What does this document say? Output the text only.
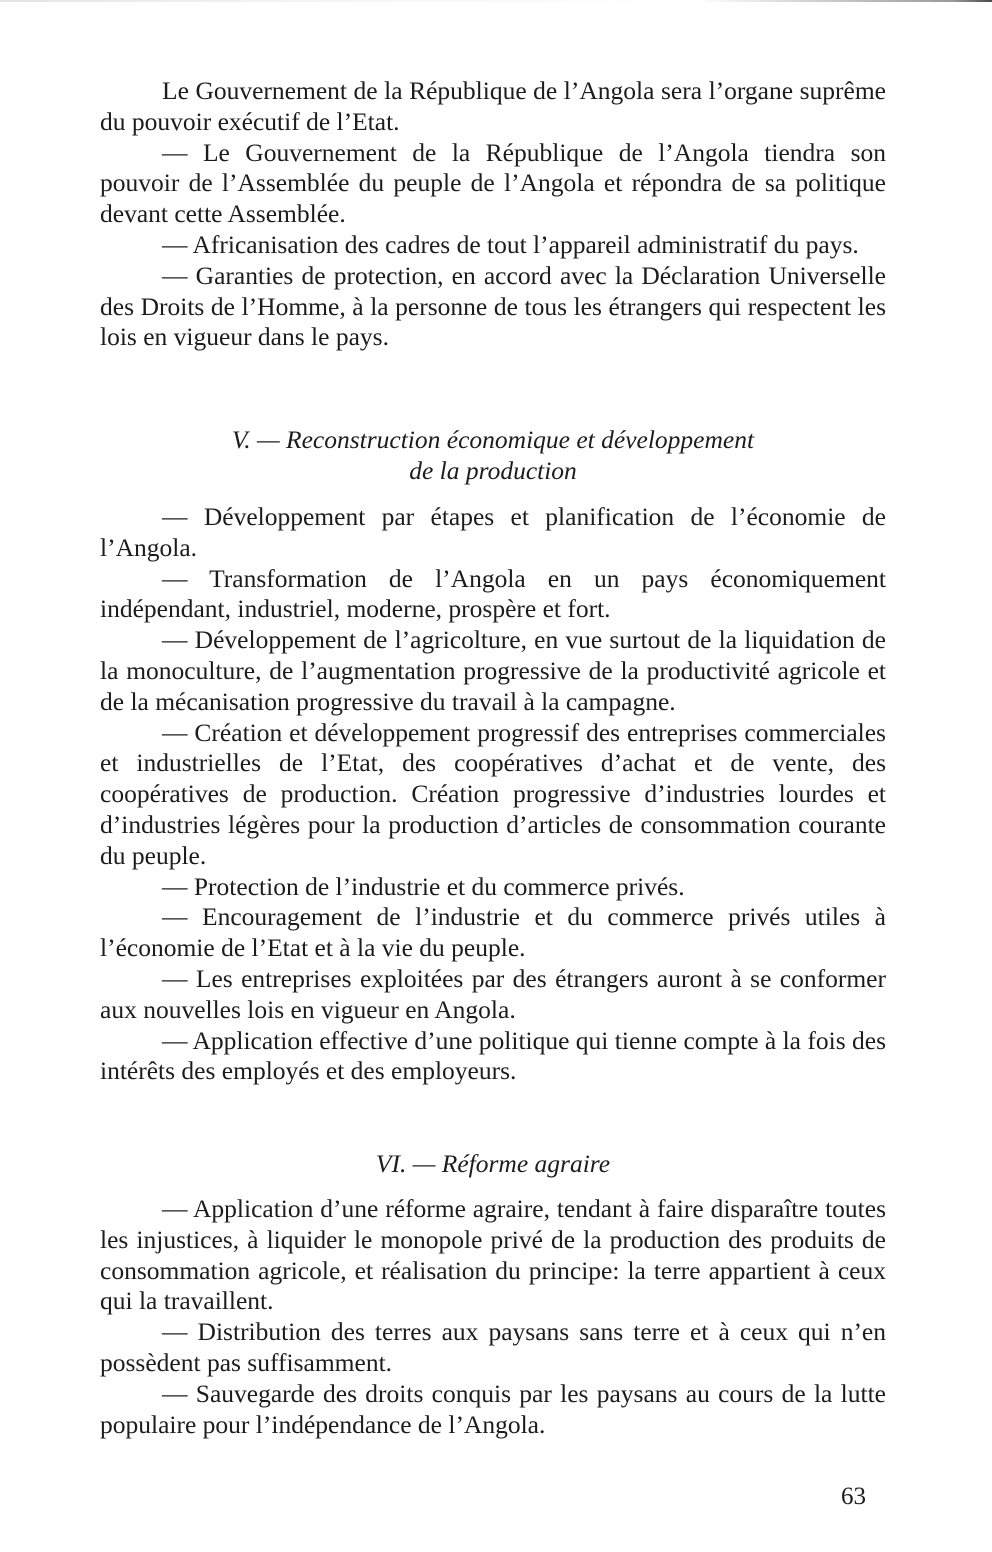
Le Gouvernement de la République de l’Angola sera l’organe suprême du pouvoir exécutif de l’Etat.

— Le Gouvernement de la République de l’Angola tiendra son pouvoir de l’Assemblée du peuple de l’Angola et répondra de sa politique devant cette Assemblée.

— Africanisation des cadres de tout l’appareil administratif du pays.

— Garanties de protection, en accord avec la Déclaration Universelle des Droits de l’Homme, à la personne de tous les étrangers qui respectent les lois en vigueur dans le pays.

V. — Reconstruction économique et développement
de la production

— Développement par étapes et planification de l’économie de l’Angola.

— Transformation de l’Angola en un pays économiquement indépendant, industriel, moderne, prospère et fort.

— Développement de l’agricolture, en vue surtout de la liquidation de la monoculture, de l’augmentation progressive de la productivité agricole et de la mécanisation progressive du travail à la campagne.

— Création et développement progressif des entreprises commerciales et industrielles de l’Etat, des coopératives d’achat et de vente, des coopératives de production. Création progressive d’industries lourdes et d’industries légères pour la production d’articles de consommation courante du peuple.

— Protection de l’industrie et du commerce privés.

— Encouragement de l’industrie et du commerce privés utiles à l’économie de l’Etat et à la vie du peuple.

— Les entreprises exploitées par des étrangers auront à se conformer aux nouvelles lois en vigueur en Angola.

— Application effective d’une politique qui tienne compte à la fois des intérêts des employés et des employeurs.

VI. — Réforme agraire

— Application d’une réforme agraire, tendant à faire disparaître toutes les injustices, à liquider le monopole privé de la production des produits de consommation agricole, et réalisation du principe: la terre appartient à ceux qui la travaillent.

— Distribution des terres aux paysans sans terre et à ceux qui n’en possèdent pas suffisamment.

— Sauvegarde des droits conquis par les paysans au cours de la lutte populaire pour l’indépendance de l’Angola.

63
